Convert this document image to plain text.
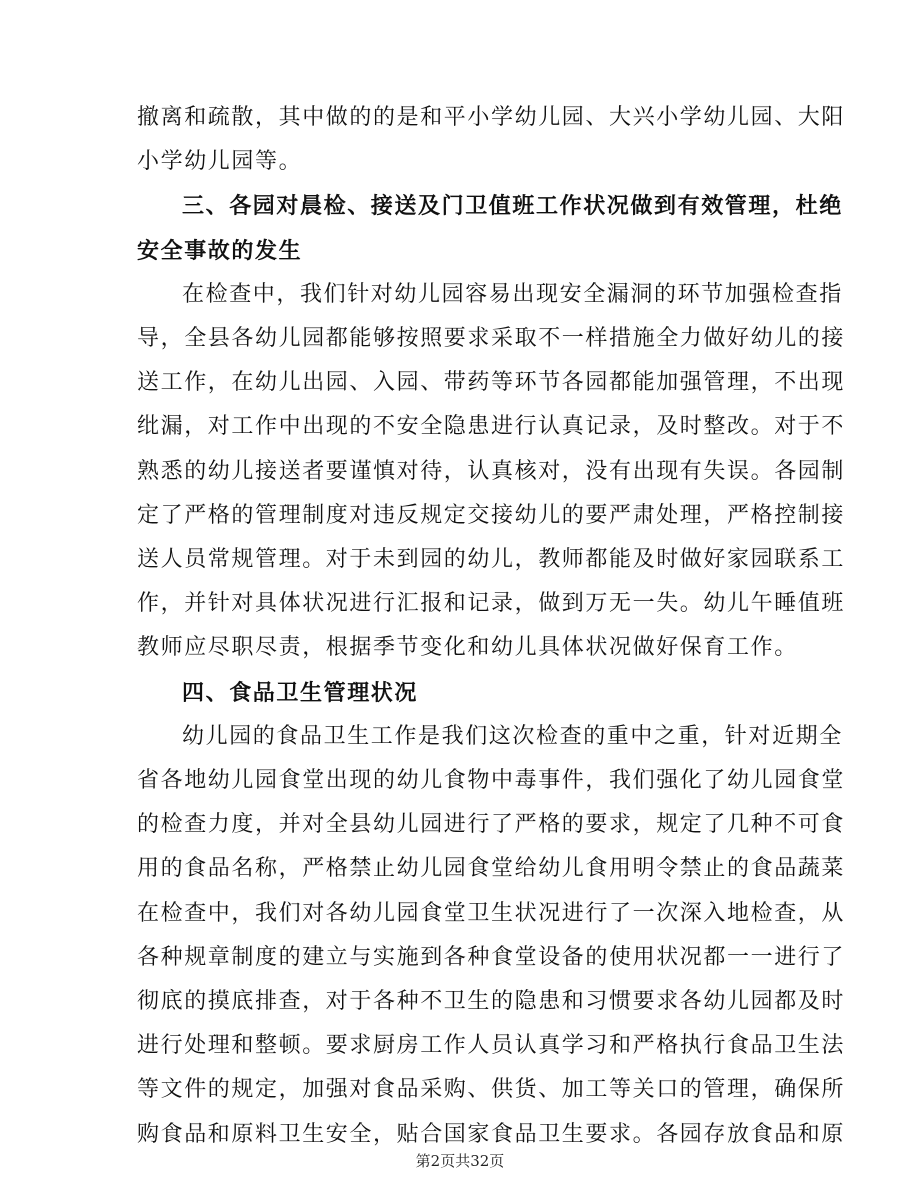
撤离和疏散，其中做的的是和平小学幼儿园、大兴小学幼儿园、大阳
小学幼儿园等。
三、各园对晨检、接送及门卫值班工作状况做到有效管理，杜绝
安全事故的发生
在检查中，我们针对幼儿园容易出现安全漏洞的环节加强检查指
导，全县各幼儿园都能够按照要求采取不一样措施全力做好幼儿的接
送工作，在幼儿出园、入园、带药等环节各园都能加强管理，不出现
纰漏，对工作中出现的不安全隐患进行认真记录，及时整改。对于不
熟悉的幼儿接送者要谨慎对待，认真核对，没有出现有失误。各园制
定了严格的管理制度对违反规定交接幼儿的要严肃处理，严格控制接
送人员常规管理。对于未到园的幼儿，教师都能及时做好家园联系工
作，并针对具体状况进行汇报和记录，做到万无一失。幼儿午睡值班
教师应尽职尽责，根据季节变化和幼儿具体状况做好保育工作。
四、食品卫生管理状况
幼儿园的食品卫生工作是我们这次检查的重中之重，针对近期全
省各地幼儿园食堂出现的幼儿食物中毒事件，我们强化了幼儿园食堂
的检查力度，并对全县幼儿园进行了严格的要求，规定了几种不可食
用的食品名称，严格禁止幼儿园食堂给幼儿食用明令禁止的食品蔬菜
在检查中，我们对各幼儿园食堂卫生状况进行了一次深入地检查，从
各种规章制度的建立与实施到各种食堂设备的使用状况都一一进行了
彻底的摸底排查，对于各种不卫生的隐患和习惯要求各幼儿园都及时
进行处理和整顿。要求厨房工作人员认真学习和严格执行食品卫生法
等文件的规定，加强对食品采购、供货、加工等关口的管理，确保所
购食品和原料卫生安全，贴合国家食品卫生要求。各园存放食品和原
第2页共32页
